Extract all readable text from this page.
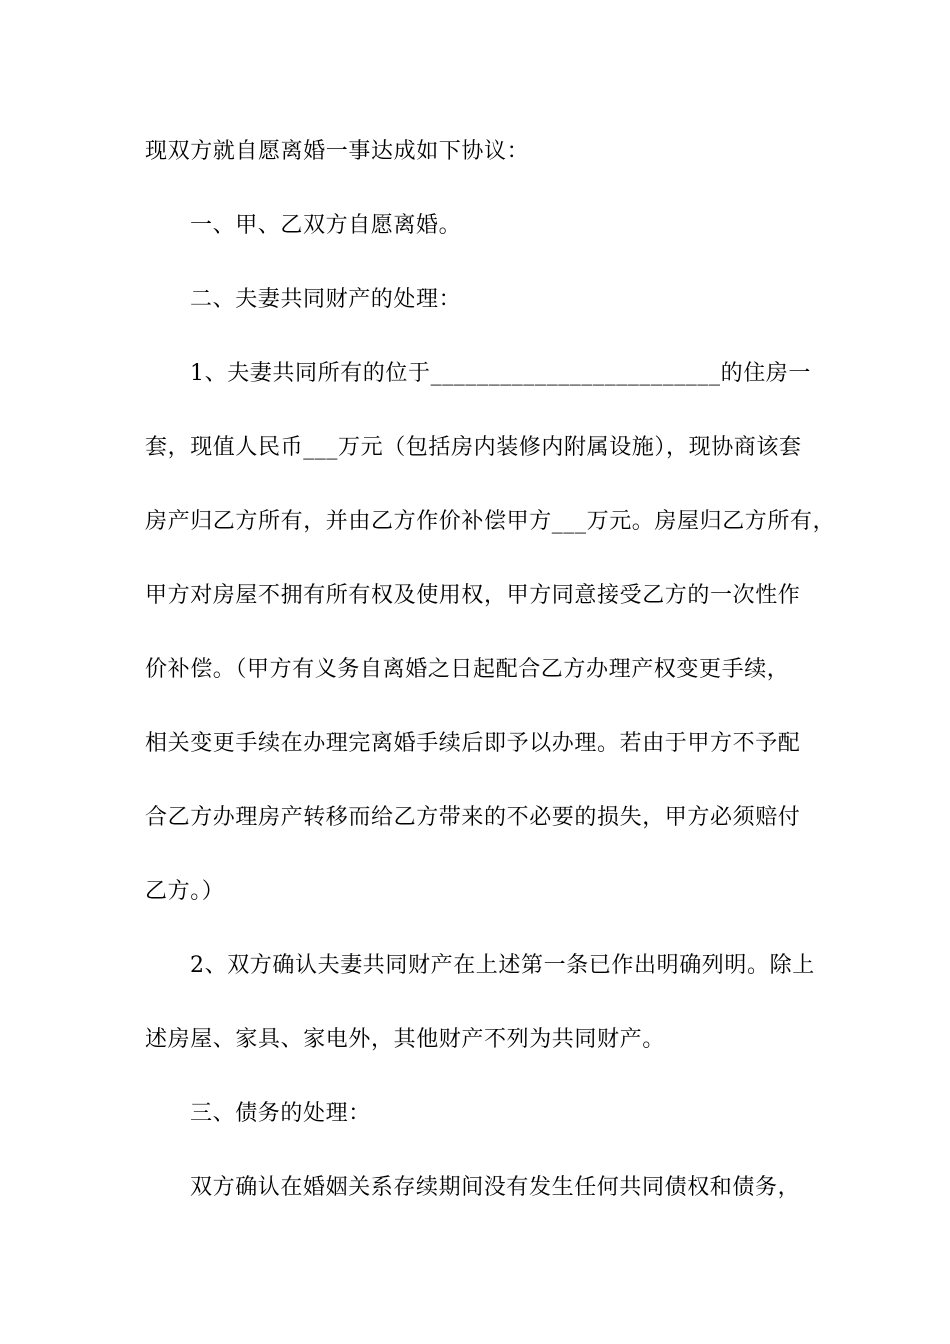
现双方就自愿离婚一事达成如下协议：
一、甲、乙双方自愿离婚。
二、夫妻共同财产的处理：
1、夫妻共同所有的位于_________________________的住房一
套，现值人民币___万元（包括房内装修内附属设施），现协商该套
房产归乙方所有，并由乙方作价补偿甲方___万元。房屋归乙方所有，
甲方对房屋不拥有所有权及使用权，甲方同意接受乙方的一次性作
价补偿。（甲方有义务自离婚之日起配合乙方办理产权变更手续，
相关变更手续在办理完离婚手续后即予以办理。若由于甲方不予配
合乙方办理房产转移而给乙方带来的不必要的损失，甲方必须赔付
乙方。）
2、双方确认夫妻共同财产在上述第一条已作出明确列明。除上
述房屋、家具、家电外，其他财产不列为共同财产。
三、债务的处理：
双方确认在婚姻关系存续期间没有发生任何共同债权和债务，
